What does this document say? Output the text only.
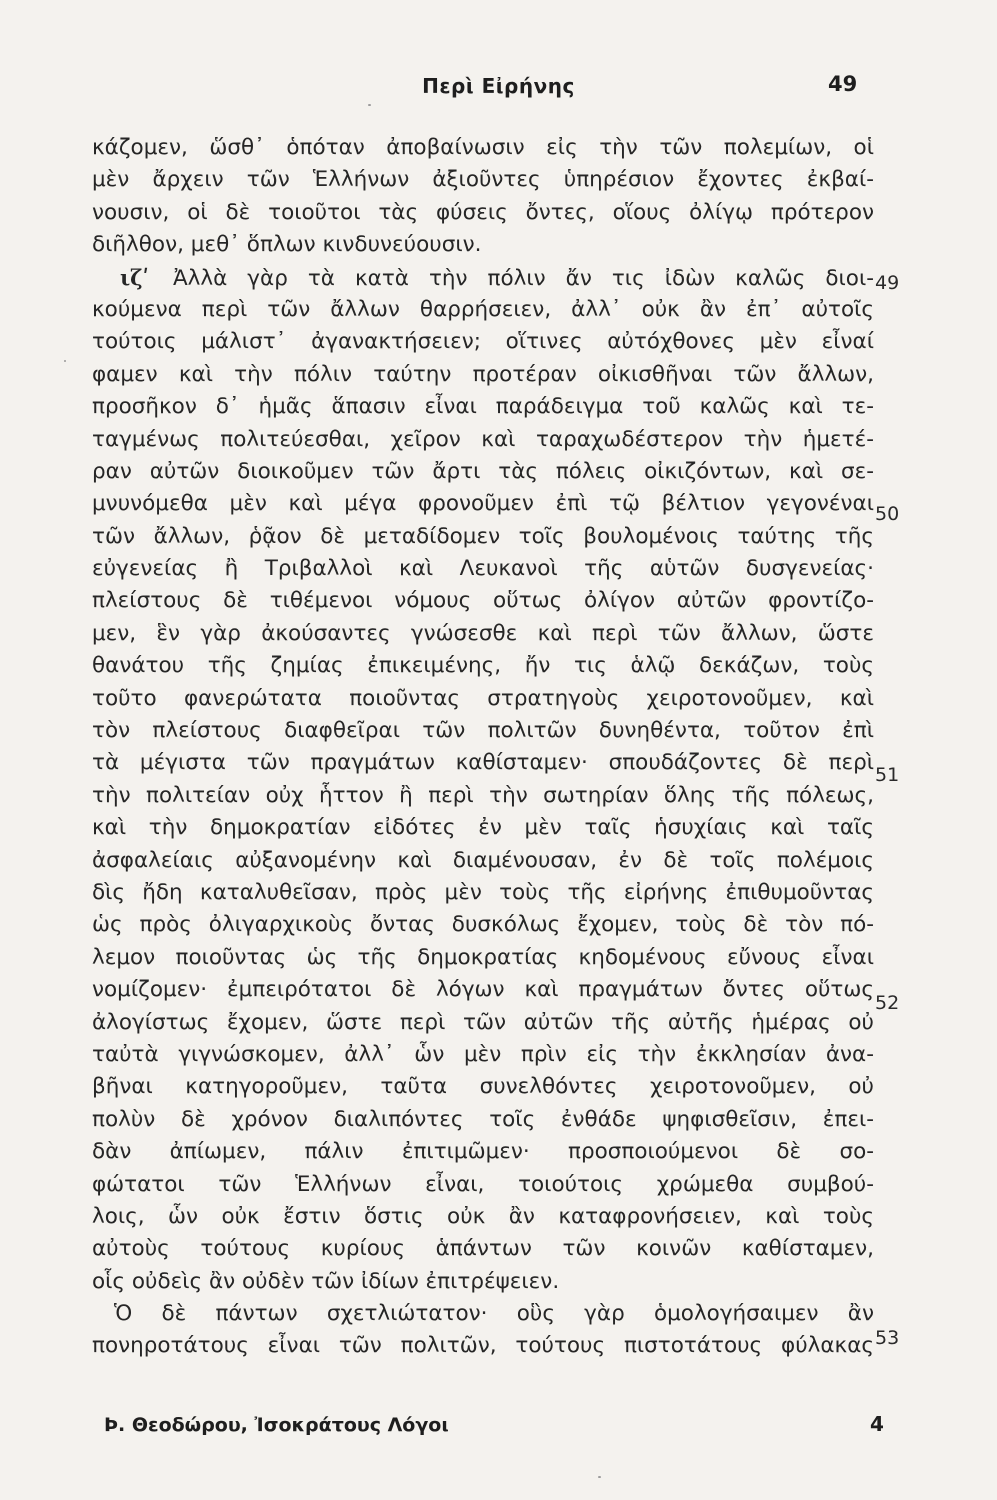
Περὶ Εἰρήνης	49
κάζομεν, ὥσθ᾽ ὁπόταν ἀποβαίνωσιν εἰς τὴν τῶν πολεμίων, οἱ
μὲν ἄρχειν τῶν Ἑλλήνων ἀξιοῦντες ὑπηρέσιον ἔχοντες ἐκβαί-
νουσιν, οἱ δὲ τοιοῦτοι τὰς φύσεις ὄντες, οἵους ὀλίγῳ πρότερον
διῆλθον, μεθ᾽ ὅπλων κινδυνεύουσιν.
ιζʹ Ἀλλὰ γὰρ τὰ κατὰ τὴν πόλιν ἄν τις ἰδὼν καλῶς διοι-
κούμενα περὶ τῶν ἄλλων θαρρήσειεν, ἀλλ᾽ οὐκ ἂν ἐπ᾽ αὐτοῖς
τούτοις μάλιστ᾽ ἀγανακτήσειεν; οἵτινες αὐτόχθονες μὲν εἶναί
φαμεν καὶ τὴν πόλιν ταύτην προτέραν οἰκισθῆναι τῶν ἄλλων,
προσῆκον δ᾽ ἡμᾶς ἅπασιν εἶναι παράδειγμα τοῦ καλῶς καὶ τε-
ταγμένως πολιτεύεσθαι, χεῖρον καὶ ταραχωδέστερον τὴν ἡμετέ-
ραν αὐτῶν διοικοῦμεν τῶν ἄρτι τὰς πόλεις οἰκιζόντων, καὶ σε-
μνυνόμεθα μὲν καὶ μέγα φρονοῦμεν ἐπὶ τῷ βέλτιον γεγονέναι
τῶν ἄλλων, ῥᾷον δὲ μεταδίδομεν τοῖς βουλομένοις ταύτης τῆς
εὐγενείας ἢ Τριβαλλοὶ καὶ Λευκανοὶ τῆς αὑτῶν δυσγενείας·
πλείστους δὲ τιθέμενοι νόμους οὕτως ὀλίγον αὐτῶν φροντίζο-
μεν, ἓν γὰρ ἀκούσαντες γνώσεσθε καὶ περὶ τῶν ἄλλων, ὥστε
θανάτου τῆς ζημίας ἐπικειμένης, ἤν τις ἁλῷ δεκάζων, τοὺς
τοῦτο φανερώτατα ποιοῦντας στρατηγοὺς χειροτονοῦμεν, καὶ
τὸν πλείστους διαφθεῖραι τῶν πολιτῶν δυνηθέντα, τοῦτον ἐπὶ
τὰ μέγιστα τῶν πραγμάτων καθίσταμεν· σπουδάζοντες δὲ περὶ
τὴν πολιτείαν οὐχ ἧττον ἢ περὶ τὴν σωτηρίαν ὅλης τῆς πόλεως,
καὶ τὴν δημοκρατίαν εἰδότες ἐν μὲν ταῖς ἡσυχίαις καὶ ταῖς
ἀσφαλείαις αὐξανομένην καὶ διαμένουσαν, ἐν δὲ τοῖς πολέμοις
δὶς ἤδη καταλυθεῖσαν, πρὸς μὲν τοὺς τῆς εἰρήνης ἐπιθυμοῦντας
ὡς πρὸς ὀλιγαρχικοὺς ὄντας δυσκόλως ἔχομεν, τοὺς δὲ τὸν πό-
λεμον ποιοῦντας ὡς τῆς δημοκρατίας κηδομένους εὔνους εἶναι
νομίζομεν· ἐμπειρότατοι δὲ λόγων καὶ πραγμάτων ὄντες οὕτως
ἀλογίστως ἔχομεν, ὥστε περὶ τῶν αὐτῶν τῆς αὐτῆς ἡμέρας οὐ
ταὐτὰ γιγνώσκομεν, ἀλλ᾽ ὧν μὲν πρὶν εἰς τὴν ἐκκλησίαν ἀνα-
βῆναι κατηγοροῦμεν, ταῦτα συνελθόντες χειροτονοῦμεν, οὐ
πολὺν δὲ χρόνον διαλιπόντες τοῖς ἐνθάδε ψηφισθεῖσιν, ἐπει-
δὰν ἀπίωμεν, πάλιν ἐπιτιμῶμεν· προσποιούμενοι δὲ σο-
φώτατοι τῶν Ἑλλήνων εἶναι, τοιούτοις χρώμεθα συμβού-
λοις, ὧν οὐκ ἔστιν ὅστις οὐκ ἂν καταφρονήσειεν, καὶ τοὺς
αὐτοὺς τούτους κυρίους ἁπάντων τῶν κοινῶν καθίσταμεν,
οἷς οὐδεὶς ἂν οὐδὲν τῶν ἰδίων ἐπιτρέψειεν.
Ὁ δὲ πάντων σχετλιώτατον· οὓς γὰρ ὁμολογήσαιμεν ἂν
πονηροτάτους εἶναι τῶν πολιτῶν, τούτους πιστοτάτους φύλακας
49
50
51
52
53
Ϸ. Θεοδώρου, Ἰσοκράτους Λόγοι	4
